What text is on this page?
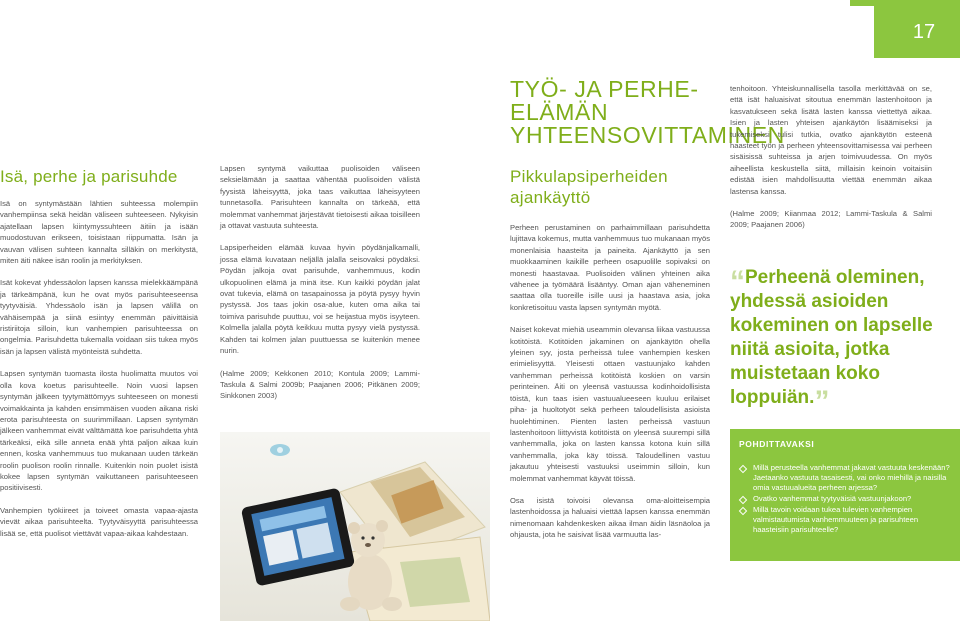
17
Isä, perhe ja parisuhde

Isä on syntymästään lähtien suhteessa molempiin vanhempiinsa sekä heidän väliseen suhteeseen. Nykyisin ajatellaan lapsen kiintymyssuhteen äitiin ja isään muodostuvan erikseen, toisistaan riippumatta. Isän ja vauvan välisen suhteen kannalta silläkin on merkitystä, miten äiti näkee isän roolin ja merkityksen.

Isät kokevat yhdessäolon lapsen kanssa mielekkäämpänä ja tärkeämpänä, kun he ovat myös parisuhteeseensa tyytyväisiä. Yhdessäolo isän ja lapsen välillä on vähäisempää ja siinä esiintyy enemmän päivittäisiä ristiriitoja silloin, kun vanhempien parisuhteessa on ongelmia. Parisuhdetta tukemalla voidaan siis tukea myös isän ja lapsen välistä myönteistä suhdetta.

Lapsen syntymän tuomasta ilosta huolimatta muutos voi olla kova koetus parisuhteelle. Noin vuosi lapsen syntymän jälkeen tyytymättömyys suhteeseen on monesti voimakkainta ja kahden ensimmäisen vuoden aikana riski erota parisuhteesta on suurimmillaan. Lapsen syntymän jälkeen vanhemmat eivät välttämättä koe parisuhdetta yhtä tärkeäksi, eikä sille anneta enää yhtä paljon aikaa kuin ennen, koska vanhemmuus tuo mukanaan uuden tärkeän roolin puolison roolin rinnalle. Kuitenkin noin puolet isistä kokee lapsen syntymän vaikuttaneen parisuhteeseen positiivisesti.

Vanhempien työkiireet ja toiveet omasta vapaa-ajasta vievät aikaa parisuhteelta. Tyytyväisyyttä parisuhteessa lisää se, että puolisot viettävät vapaa-aikaa kahdestaan.

Lapsen syntymä vaikuttaa puolisoiden väliseen seksielämään ja saattaa vähentää puolisoiden välistä fyysistä läheisyyttä, joka taas vaikuttaa läheisyyteen tunnetasolla. Parisuhteen kannalta on tärkeää, että molemmat vanhemmat järjestävät tietoisesti aikaa toisilleen ja ottavat vastuuta suhteesta.

Lapsiperheiden elämää kuvaa hyvin pöydänjalkamalli, jossa elämä kuvataan neljällä jalalla seisovaksi pöydäksi. Pöydän jalkoja ovat parisuhde, vanhemmuus, kodin ulkopuolinen elämä ja minä itse. Kun kaikki pöydän jalat ovat tukevia, elämä on tasapainossa ja pöytä pysyy hyvin pystyssä. Jos taas jokin osa-alue, kuten oma aika tai toimiva parisuhde puuttuu, voi se heijastua myös isyyteen. Kolmella jalalla pöytä keikkuu mutta pysyy vielä pystyssä. Kahden tai kolmen jalan puuttuessa se kuitenkin menee nurin.

(Halme 2009; Kekkonen 2010; Kontula 2009; Lammi-Taskula & Salmi 2009b; Paajanen 2006; Pitkänen 2009; Sinkkonen 2003)

TYÖ- JA PERHE-ELÄMÄN YHTEENSOVITTAMINEN
Pikkulapsiperheiden ajankäyttö

Perheen perustaminen on parhaimmillaan parisuhdetta lujittava kokemus, mutta vanhemmuus tuo mukanaan myös monenlaisia haasteita ja paineita. Ajankäyttö ja sen muokkaaminen kaikille perheen osapuolille sopivaksi on monesti haastavaa. Puolisoiden välinen yhteinen aika vähenee ja työmäärä lisääntyy. Oman ajan väheneminen saattaa olla tuoreille isille uusi ja haastava asia, joka konkretisoituu vasta lapsen syntymän myötä.

Naiset kokevat miehiä useammin olevansa liikaa vastuussa kotitöistä. Kotitöiden jakaminen on ajankäytön ohella yleinen syy, josta perheissä tulee vanhempien kesken erimielisyyttä. Yleisesti ottaen vastuunjako kahden vanhemman perheissä kotitöistä koskien on varsin perinteinen. Äiti on yleensä vastuussa kodinhoidollisista töistä, kun taas isien vastuualueeseen kuuluu erilaiset piha- ja huoltotyöt sekä perheen taloudellisista asioista huolehtiminen. Pienten lasten perheissä vastuun lastenhoitoon liittyvistä kotitöistä on yleensä suurempi sillä vanhemmalla, joka on lasten kanssa kotona kuin sillä vanhemmalla, joka käy töissä. Taloudellinen vastuu jakautuu yhteisesti vastuuksi useimmin silloin, kun molemmat vanhemmat käyvät töissä.

Osa isistä toivoisi olevansa oma-aloitteisempia lastenhoidossa ja haluaisi viettää lapsen kanssa enemmän nimenomaan kahdenkesken aikaa ilman äidin läsnäoloa ja ohjausta, jota he saisivat lisää varmuutta las-

tenhoitoon. Yhteiskunnallisella tasolla merkittävää on se, että isät haluaisivat sitoutua enemmän lastenhoitoon ja kasvatukseen sekä lisätä lasten kanssa viettettyä aikaa. Isien ja lasten yhteisen ajankäytön lisäämiseksi ja tukemiseksi tulisi tutkia, ovatko ajankäytön esteenä haasteet työn ja perheen yhteensovittamisessa vai perheen sisäisissä suhteissa ja arjen toimivuudessa. On myös aiheellista keskustella siitä, millaisin keinoin voitaisiin edistää isien mahdollisuutta viettää enemmän aikaa lastensa kanssa.

(Halme 2009; Kiianmaa 2012; Lammi-Taskula & Salmi 2009; Paajanen 2006)

“Perheenä oleminen, yhdessä asioiden kokeminen on lapselle niitä asioita, jotka muistetaan koko loppuiän.”
POHDITTAVAKSI
Millä perusteella vanhemmat jakavat vastuuta keskenään? Jaetaanko vastuuta tasaisesti, vai onko miehillä ja naisilla omia vastuualueita perheen arjessa?
Ovatko vanhemmat tyytyväisiä vastuunjakoon?
Millä tavoin voidaan tukea tulevien vanhempien valmistautumista vanhemmuuteen ja parisuhteen haasteisiin parisuhteelle?
